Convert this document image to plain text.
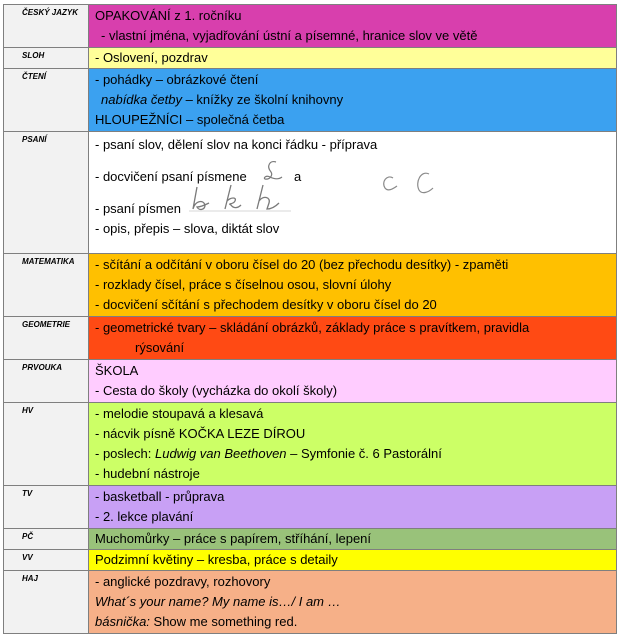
ČESKÝ JAZYK	OPAKOVÁNÍ z 1. ročníku
- vlastní jména, vyjadřování ústní a písemné, hranice slov ve větě

SLOH	- Oslovení, pozdrav

ČTENÍ	- pohádky – obrázkové čtení
nabídka četby – knížky ze školní knihovny
HLOUPEŽNÍCI – společná četba

PSANÍ	- psaní slov, dělení slov na konci řádku - příprava
- docvičení psaní písmene a
- psaní písmen
- opis, přepis – slova, diktát slov

MATEMATIKA	- sčítání a odčítání v oboru čísel do 20 (bez přechodu desítky) - zpaměti
- rozklady čísel, práce s číselnou osou, slovní úlohy
- docvičení sčítání s přechodem desítky v oboru čísel do 20

GEOMETRIE	- geometrické tvary – skládání obrázků, základy práce s pravítkem, pravidla
rýsování

PRVOUKA	ŠKOLA
- Cesta do školy (vycházka do okolí školy)

HV	- melodie stoupavá a klesavá
- nácvik písně KOČKA LEZE DÍROU
- poslech: Ludwig van Beethoven – Symfonie č. 6 Pastorální
- hudební nástroje

TV	- basketball - průprava
- 2. lekce plavání

PČ	Muchomůrky – práce s papírem, stříhání, lepení

VV	Podzimní květiny – kresba, práce s detaily

HAJ	- anglické pozdravy, rozhovory
What´s your name? My name is…/ I am …
básnička: Show me something red.
